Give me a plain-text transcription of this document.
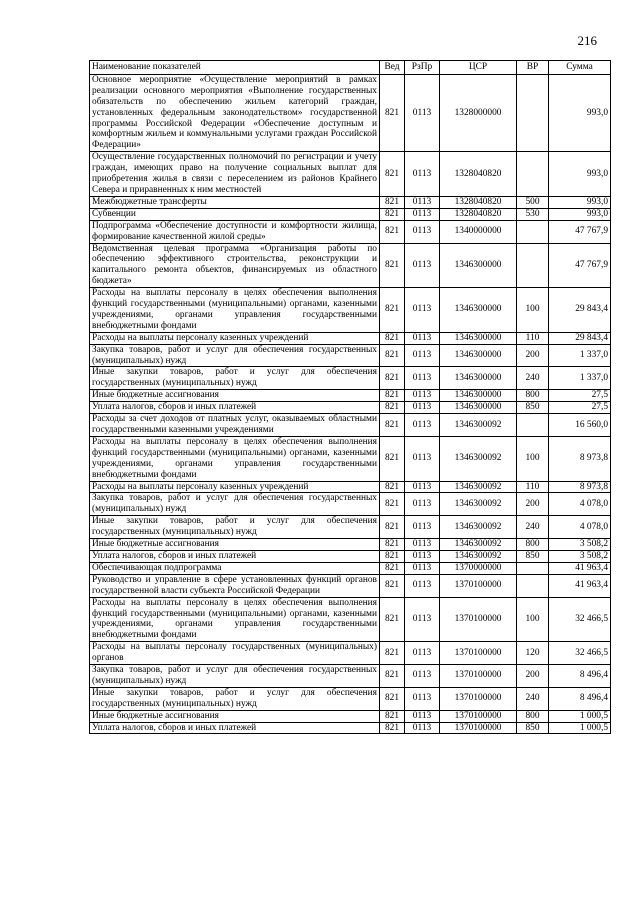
216
Наименование показателей	Вед	РзПр	ЦСР	ВР	Сумма
Основное мероприятие «Осуществление мероприятий в рамках реализации основного мероприятия «Выполнение государственных обязательств по обеспечению жильем категорий граждан, установленных федеральным законодательством» государственной программы Российской Федерации «Обеспечение доступным и комфортным жильем и коммунальными услугами граждан Российской Федерации»	821	0113	1328000000		993,0
Осуществление государственных полномочий по регистрации и учету граждан, имеющих право на получение социальных выплат для приобретения жилья в связи с переселением из районов Крайнего Севера и приравненных к ним местностей	821	0113	1328040820		993,0
Межбюджетные трансферты	821	0113	1328040820	500	993,0
Субвенции	821	0113	1328040820	530	993,0
Подпрограмма «Обеспечение доступности и комфортности жилища, формирование качественной жилой среды»	821	0113	1340000000		47 767,9
Ведомственная целевая программа «Организация работы по обеспечению эффективного строительства, реконструкции и капитального ремонта объектов, финансируемых из областного бюджета»	821	0113	1346300000		47 767,9
Расходы на выплаты персоналу в целях обеспечения выполнения функций государственными (муниципальными) органами, казенными учреждениями, органами управления государственными внебюджетными фондами	821	0113	1346300000	100	29 843,4
Расходы на выплаты персоналу казенных учреждений	821	0113	1346300000	110	29 843,4
Закупка товаров, работ и услуг для обеспечения государственных (муниципальных) нужд	821	0113	1346300000	200	1 337,0
Иные закупки товаров, работ и услуг для обеспечения государственных (муниципальных) нужд	821	0113	1346300000	240	1 337,0
Иные бюджетные ассигнования	821	0113	1346300000	800	27,5
Уплата налогов, сборов и иных платежей	821	0113	1346300000	850	27,5
Расходы за счет доходов от платных услуг, оказываемых областными государственными казенными учреждениями	821	0113	1346300092		16 560,0
Расходы на выплаты персоналу в целях обеспечения выполнения функций государственными (муниципальными) органами, казенными учреждениями, органами управления государственными внебюджетными фондами	821	0113	1346300092	100	8 973,8
Расходы на выплаты персоналу казенных учреждений	821	0113	1346300092	110	8 973,8
Закупка товаров, работ и услуг для обеспечения государственных (муниципальных) нужд	821	0113	1346300092	200	4 078,0
Иные закупки товаров, работ и услуг для обеспечения государственных (муниципальных) нужд	821	0113	1346300092	240	4 078,0
Иные бюджетные ассигнования	821	0113	1346300092	800	3 508,2
Уплата налогов, сборов и иных платежей	821	0113	1346300092	850	3 508,2
Обеспечивающая подпрограмма	821	0113	1370000000		41 963,4
Руководство и управление в сфере установленных функций органов государственной власти субъекта Российской Федерации	821	0113	1370100000		41 963,4
Расходы на выплаты персоналу в целях обеспечения выполнения функций государственными (муниципальными) органами, казенными учреждениями, органами управления государственными внебюджетными фондами	821	0113	1370100000	100	32 466,5
Расходы на выплаты персоналу государственных (муниципальных) органов	821	0113	1370100000	120	32 466,5
Закупка товаров, работ и услуг для обеспечения государственных (муниципальных) нужд	821	0113	1370100000	200	8 496,4
Иные закупки товаров, работ и услуг для обеспечения государственных (муниципальных) нужд	821	0113	1370100000	240	8 496,4
Иные бюджетные ассигнования	821	0113	1370100000	800	1 000,5
Уплата налогов, сборов и иных платежей	821	0113	1370100000	850	1 000,5
